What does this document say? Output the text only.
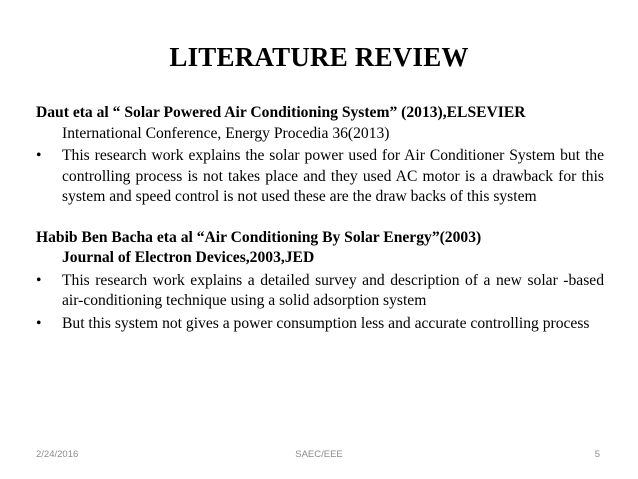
LITERATURE REVIEW
Daut eta al “ Solar Powered Air Conditioning System” (2013),ELSEVIER
International Conference, Energy Procedia 36(2013)
• This research work explains the solar power used for Air Conditioner System but the controlling process is not takes place and they used AC motor is a drawback for this system and speed control is not used these are the draw backs of this system
Habib Ben Bacha eta al “Air Conditioning By Solar Energy”(2003)
Journal of Electron Devices,2003,JED
• This research work explains a detailed survey and description of a new solar -based air-conditioning technique using a solid adsorption system
• But this system not gives a power consumption less and accurate controlling process
2/24/2016	SAEC/EEE	5
